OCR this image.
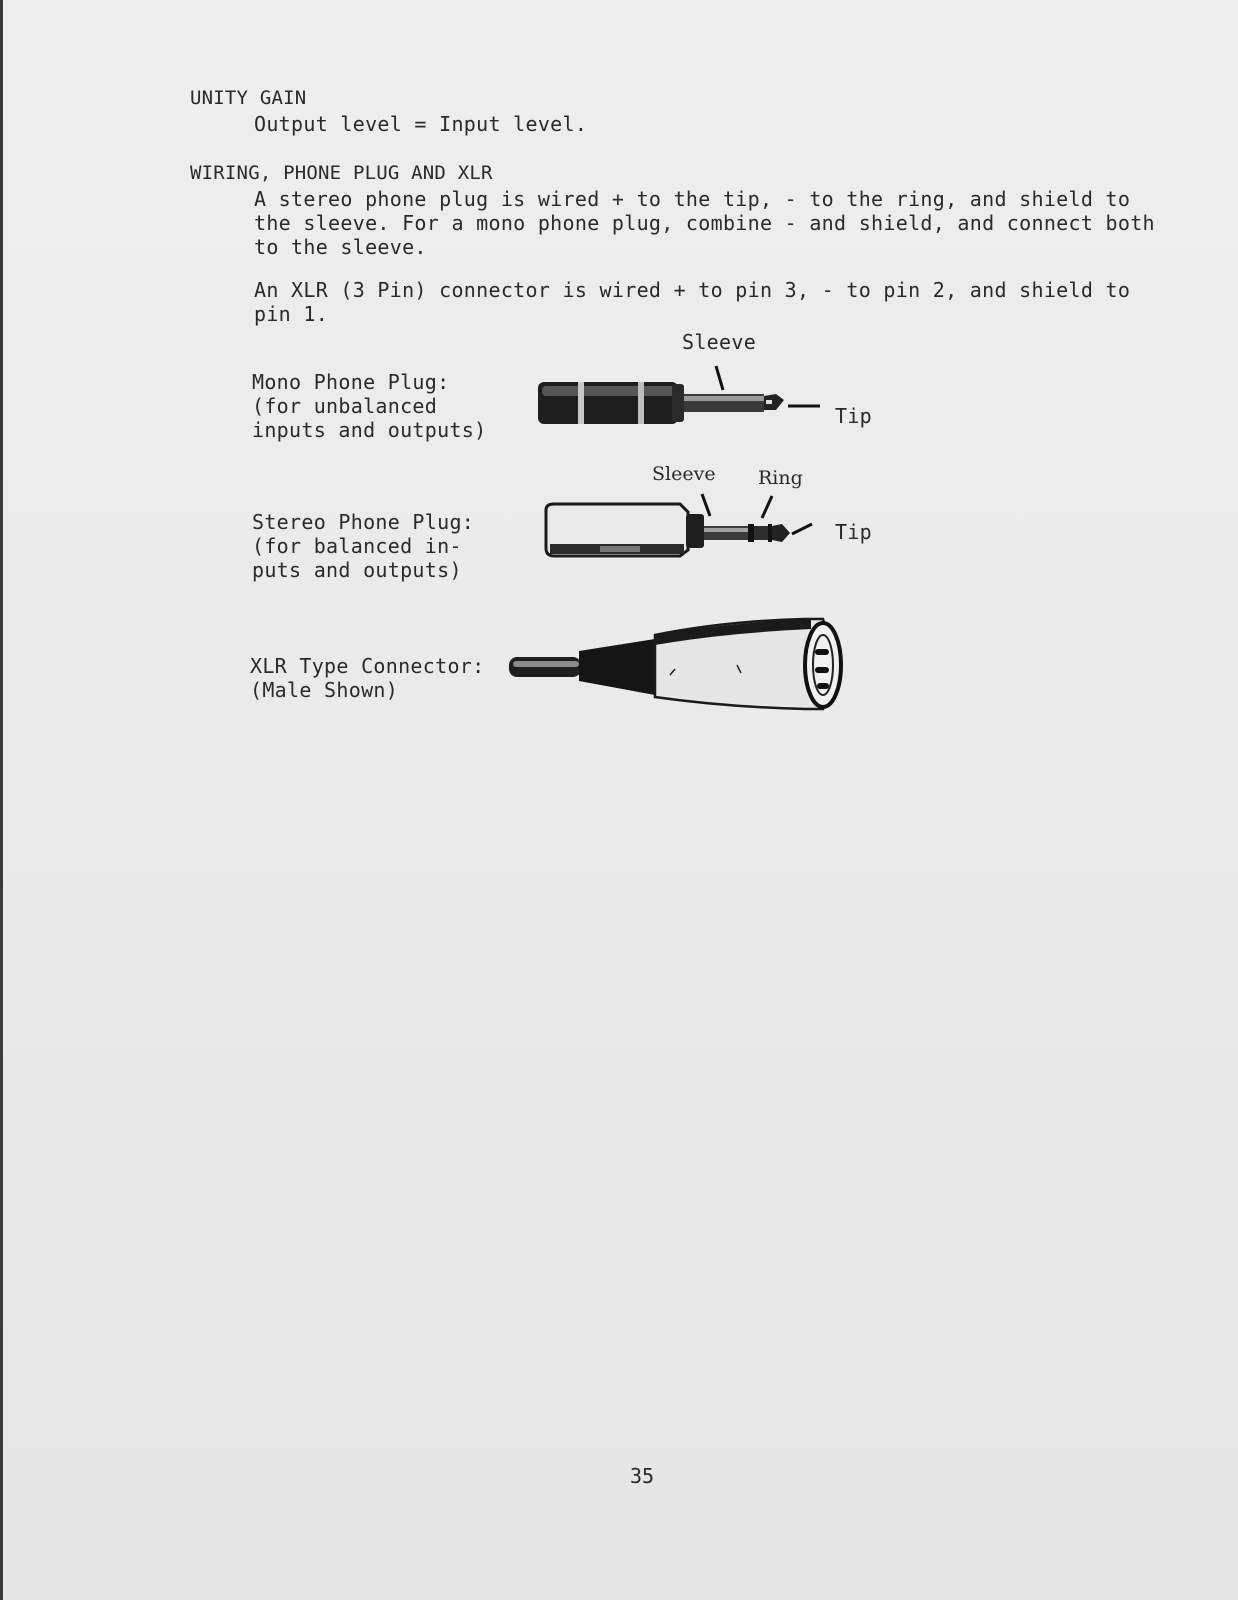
UNITY GAIN
Output level = Input level.
WIRING, PHONE PLUG AND XLR
A stereo phone plug is wired + to the tip, - to the ring, and shield to
the sleeve. For a mono phone plug, combine - and shield, and connect both
to the sleeve.
An XLR (3 Pin) connector is wired + to pin 3, - to pin 2, and shield to
pin 1.
Mono Phone Plug:
(for unbalanced
inputs and outputs)
Sleeve
Tip
Stereo Phone Plug:
(for balanced in-
puts and outputs)
Sleeve Ring
Tip
XLR Type Connector:
(Male Shown)
35
